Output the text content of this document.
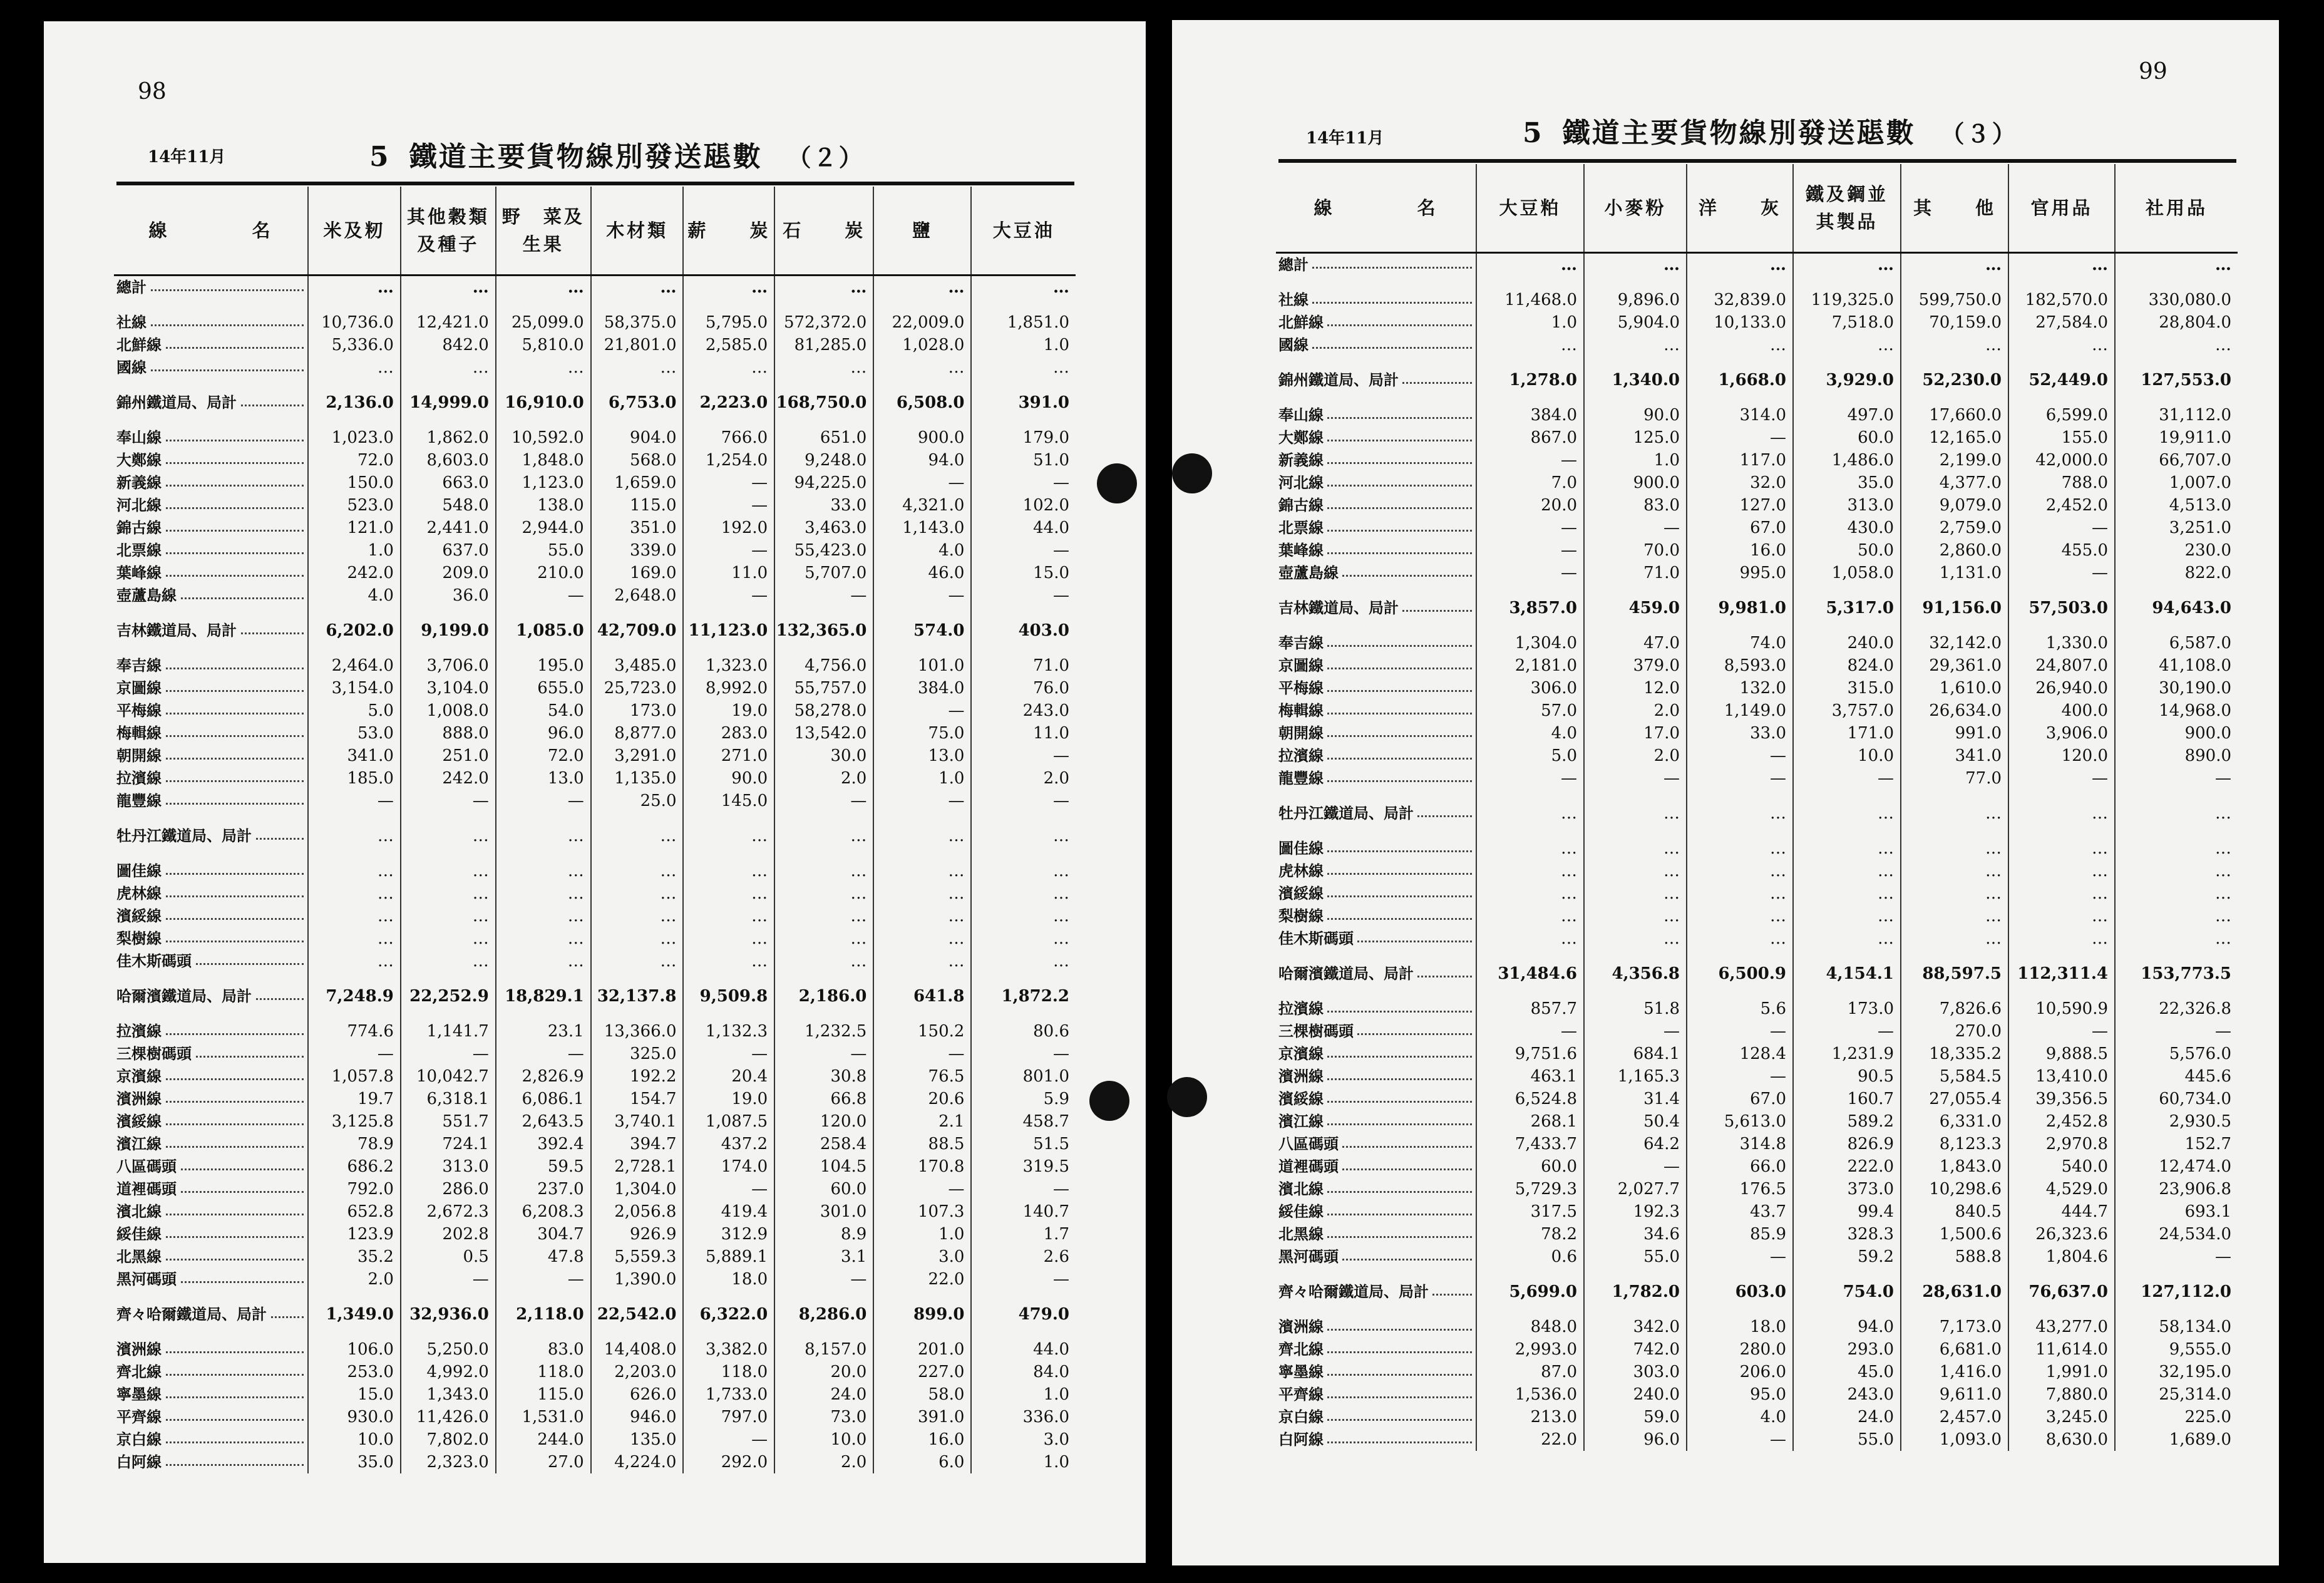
98
14年11月	5 鐵道主要貨物線別發送𤭖數 （２）
線　　　　名	米及籾	其他穀類及種子	野　菜及生果	木材類	薪　　炭	石　　炭	鹽	大豆油
總計	…	…	…	…	…	…	…	…

社線	10,736.0	12,421.0	25,099.0	58,375.0	5,795.0	572,372.0	22,009.0	1,851.0
北鮮線	5,336.0	842.0	5,810.0	21,801.0	2,585.0	81,285.0	1,028.0	1.0
國線	…	…	…	…	…	…	…	…

錦州鐵道局、局計	2,136.0	14,999.0	16,910.0	6,753.0	2,223.0	168,750.0	6,508.0	391.0

奉山線	1,023.0	1,862.0	10,592.0	904.0	766.0	651.0	900.0	179.0
大鄭線	72.0	8,603.0	1,848.0	568.0	1,254.0	9,248.0	94.0	51.0
新義線	150.0	663.0	1,123.0	1,659.0	—	94,225.0	—	—
河北線	523.0	548.0	138.0	115.0	—	33.0	4,321.0	102.0
錦古線	121.0	2,441.0	2,944.0	351.0	192.0	3,463.0	1,143.0	44.0
北票線	1.0	637.0	55.0	339.0	—	55,423.0	4.0	—
葉峰線	242.0	209.0	210.0	169.0	11.0	5,707.0	46.0	15.0
壺蘆島線	4.0	36.0	—	2,648.0	—	—	—	—

吉林鐵道局、局計	6,202.0	9,199.0	1,085.0	42,709.0	11,123.0	132,365.0	574.0	403.0

奉吉線	2,464.0	3,706.0	195.0	3,485.0	1,323.0	4,756.0	101.0	71.0
京圖線	3,154.0	3,104.0	655.0	25,723.0	8,992.0	55,757.0	384.0	76.0
平梅線	5.0	1,008.0	54.0	173.0	19.0	58,278.0	—	243.0
梅輯線	53.0	888.0	96.0	8,877.0	283.0	13,542.0	75.0	11.0
朝開線	341.0	251.0	72.0	3,291.0	271.0	30.0	13.0	—
拉濱線	185.0	242.0	13.0	1,135.0	90.0	2.0	1.0	2.0
龍豐線	—	—	—	25.0	145.0	—	—	—

牡丹江鐵道局、局計	…	…	…	…	…	…	…	…

圖佳線	…	…	…	…	…	…	…	…
虎林線	…	…	…	…	…	…	…	…
濱綏線	…	…	…	…	…	…	…	…
梨樹線	…	…	…	…	…	…	…	…
佳木斯碼頭	…	…	…	…	…	…	…	…

哈爾濱鐵道局、局計	7,248.9	22,252.9	18,829.1	32,137.8	9,509.8	2,186.0	641.8	1,872.2

拉濱線	774.6	1,141.7	23.1	13,366.0	1,132.3	1,232.5	150.2	80.6
三棵樹碼頭	—	—	—	325.0	—	—	—	—
京濱線	1,057.8	10,042.7	2,826.9	192.2	20.4	30.8	76.5	801.0
濱洲線	19.7	6,318.1	6,086.1	154.7	19.0	66.8	20.6	5.9
濱綏線	3,125.8	551.7	2,643.5	3,740.1	1,087.5	120.0	2.1	458.7
濱江線	78.9	724.1	392.4	394.7	437.2	258.4	88.5	51.5
八區碼頭	686.2	313.0	59.5	2,728.1	174.0	104.5	170.8	319.5
道裡碼頭	792.0	286.0	237.0	1,304.0	—	60.0	—	—
濱北線	652.8	2,672.3	6,208.3	2,056.8	419.4	301.0	107.3	140.7
綏佳線	123.9	202.8	304.7	926.9	312.9	8.9	1.0	1.7
北黑線	35.2	0.5	47.8	5,559.3	5,889.1	3.1	3.0	2.6
黑河碼頭	2.0	—	—	1,390.0	18.0	—	22.0	—

齊々哈爾鐵道局、局計	1,349.0	32,936.0	2,118.0	22,542.0	6,322.0	8,286.0	899.0	479.0

濱洲線	106.0	5,250.0	83.0	14,408.0	3,382.0	8,157.0	201.0	44.0
齊北線	253.0	4,992.0	118.0	2,203.0	118.0	20.0	227.0	84.0
寧墨線	15.0	1,343.0	115.0	626.0	1,733.0	24.0	58.0	1.0
平齊線	930.0	11,426.0	1,531.0	946.0	797.0	73.0	391.0	336.0
京白線	10.0	7,802.0	244.0	135.0	—	10.0	16.0	3.0
白阿線	35.0	2,323.0	27.0	4,224.0	292.0	2.0	6.0	1.0
99
14年11月	5 鐵道主要貨物線別發送𤭖數 （３）
線　　　　名	大豆粕	小麥粉	洋　　灰	鐵及鋼並其製品	其　　他	官用品	社用品
總計	…	…	…	…	…	…	…

社線	11,468.0	9,896.0	32,839.0	119,325.0	599,750.0	182,570.0	330,080.0
北鮮線	1.0	5,904.0	10,133.0	7,518.0	70,159.0	27,584.0	28,804.0
國線	…	…	…	…	…	…	…

錦州鐵道局、局計	1,278.0	1,340.0	1,668.0	3,929.0	52,230.0	52,449.0	127,553.0

奉山線	384.0	90.0	314.0	497.0	17,660.0	6,599.0	31,112.0
大鄭線	867.0	125.0	—	60.0	12,165.0	155.0	19,911.0
新義線	—	1.0	117.0	1,486.0	2,199.0	42,000.0	66,707.0
河北線	7.0	900.0	32.0	35.0	4,377.0	788.0	1,007.0
錦古線	20.0	83.0	127.0	313.0	9,079.0	2,452.0	4,513.0
北票線	—	—	67.0	430.0	2,759.0	—	3,251.0
葉峰線	—	70.0	16.0	50.0	2,860.0	455.0	230.0
壺蘆島線	—	71.0	995.0	1,058.0	1,131.0	—	822.0

吉林鐵道局、局計	3,857.0	459.0	9,981.0	5,317.0	91,156.0	57,503.0	94,643.0

奉吉線	1,304.0	47.0	74.0	240.0	32,142.0	1,330.0	6,587.0
京圖線	2,181.0	379.0	8,593.0	824.0	29,361.0	24,807.0	41,108.0
平梅線	306.0	12.0	132.0	315.0	1,610.0	26,940.0	30,190.0
梅輯線	57.0	2.0	1,149.0	3,757.0	26,634.0	400.0	14,968.0
朝開線	4.0	17.0	33.0	171.0	991.0	3,906.0	900.0
拉濱線	5.0	2.0	—	10.0	341.0	120.0	890.0
龍豐線	—	—	—	—	77.0	—	—

牡丹江鐵道局、局計	…	…	…	…	…	…	…

圖佳線	…	…	…	…	…	…	…
虎林線	…	…	…	…	…	…	…
濱綏線	…	…	…	…	…	…	…
梨樹線	…	…	…	…	…	…	…
佳木斯碼頭	…	…	…	…	…	…	…

哈爾濱鐵道局、局計	31,484.6	4,356.8	6,500.9	4,154.1	88,597.5	112,311.4	153,773.5

拉濱線	857.7	51.8	5.6	173.0	7,826.6	10,590.9	22,326.8
三棵樹碼頭	—	—	—	—	270.0	—	—
京濱線	9,751.6	684.1	128.4	1,231.9	18,335.2	9,888.5	5,576.0
濱洲線	463.1	1,165.3	—	90.5	5,584.5	13,410.0	445.6
濱綏線	6,524.8	31.4	67.0	160.7	27,055.4	39,356.5	60,734.0
濱江線	268.1	50.4	5,613.0	589.2	6,331.0	2,452.8	2,930.5
八區碼頭	7,433.7	64.2	314.8	826.9	8,123.3	2,970.8	152.7
道裡碼頭	60.0	—	66.0	222.0	1,843.0	540.0	12,474.0
濱北線	5,729.3	2,027.7	176.5	373.0	10,298.6	4,529.0	23,906.8
綏佳線	317.5	192.3	43.7	99.4	840.5	444.7	693.1
北黑線	78.2	34.6	85.9	328.3	1,500.6	26,323.6	24,534.0
黑河碼頭	0.6	55.0	—	59.2	588.8	1,804.6	—

齊々哈爾鐵道局、局計	5,699.0	1,782.0	603.0	754.0	28,631.0	76,637.0	127,112.0

濱洲線	848.0	342.0	18.0	94.0	7,173.0	43,277.0	58,134.0
齊北線	2,993.0	742.0	280.0	293.0	6,681.0	11,614.0	9,555.0
寧墨線	87.0	303.0	206.0	45.0	1,416.0	1,991.0	32,195.0
平齊線	1,536.0	240.0	95.0	243.0	9,611.0	7,880.0	25,314.0
京白線	213.0	59.0	4.0	24.0	2,457.0	3,245.0	225.0
白阿線	22.0	96.0	—	55.0	1,093.0	8,630.0	1,689.0
